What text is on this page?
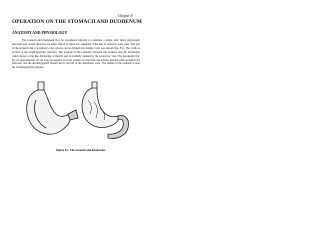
Chapter 8
OPERATION ON THE STOMACH AND DUODENUM
ANATOMY AND PHYSIOLOGY

The stomach and duodenum may be considered logically to constitute a single, unit; many physiologic functions and certain disorders are either shared by these two segments of the gut, as related to each other. The part of the stomach that is proximal to the pylorus can be divided into fundus, body and antrum (fig. 8.1). The cardia is located at the esophagogastric junction. The stomach is the boundary between the stomach and the duodenum, which shows a ring-like thickening of muscle and is normally marked by the prepyloric vein. The duodenum (fig. 8.1) is approximately 25 cm long; its superior part lies posterior to the liver, the inferior part descends alongside the pancreas, and the duodenojejunal flexure lies to the left of the abdominal aorta. The fundus of the stomach is near the esophagogastric junction.

Figure 8.1. The stomach and duodenum.
